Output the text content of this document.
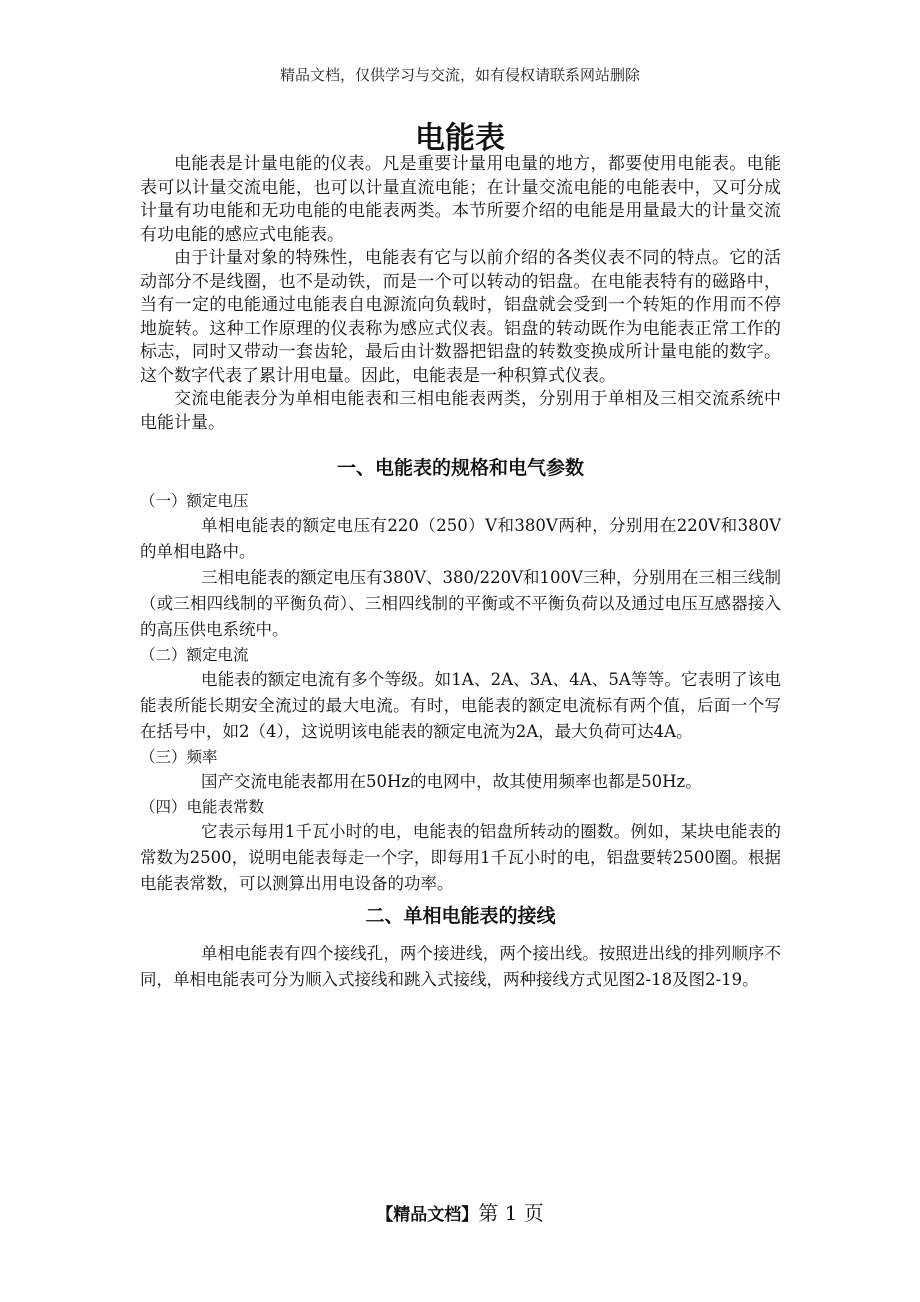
精品文档，仅供学习与交流，如有侵权请联系网站删除
电能表

电能表是计量电能的仪表。凡是重要计量用电量的地方，都要使用电能表。电能表可以计量交流电能，也可以计量直流电能；在计量交流电能的电能表中，又可分成计量有功电能和无功电能的电能表两类。本节所要介绍的电能是用量最大的计量交流有功电能的感应式电能表。

由于计量对象的特殊性，电能表有它与以前介绍的各类仪表不同的特点。它的活动部分不是线圈，也不是动铁，而是一个可以转动的铝盘。在电能表特有的磁路中，当有一定的电能通过电能表自电源流向负载时，铝盘就会受到一个转矩的作用而不停地旋转。这种工作原理的仪表称为感应式仪表。铝盘的转动既作为电能表正常工作的标志，同时又带动一套齿轮，最后由计数器把铝盘的转数变换成所计量电能的数字。这个数字代表了累计用电量。因此，电能表是一种积算式仪表。

交流电能表分为单相电能表和三相电能表两类，分别用于单相及三相交流系统中电能计量。

一、电能表的规格和电气参数

（一）额定电压

单相电能表的额定电压有220（250）V和380V两种，分别用在220V和380V的单相电路中。

三相电能表的额定电压有380V、380/220V和100V三种，分别用在三相三线制（或三相四线制的平衡负荷）、三相四线制的平衡或不平衡负荷以及通过电压互感器接入的高压供电系统中。

（二）额定电流

电能表的额定电流有多个等级。如1A、2A、3A、4A、5A等等。它表明了该电能表所能长期安全流过的最大电流。有时，电能表的额定电流标有两个值，后面一个写在括号中，如2（4），这说明该电能表的额定电流为2A，最大负荷可达4A。

（三）频率

国产交流电能表都用在50Hz的电网中，故其使用频率也都是50Hz。

（四）电能表常数

它表示每用1千瓦小时的电，电能表的铝盘所转动的圈数。例如，某块电能表的常数为2500，说明电能表每走一个字，即每用1千瓦小时的电，铝盘要转2500圈。根据电能表常数，可以测算出用电设备的功率。

二、单相电能表的接线

单相电能表有四个接线孔，两个接进线，两个接出线。按照进出线的排列顺序不同，单相电能表可分为顺入式接线和跳入式接线，两种接线方式见图2-18及图2-19。

【精品文档】第 1 页
